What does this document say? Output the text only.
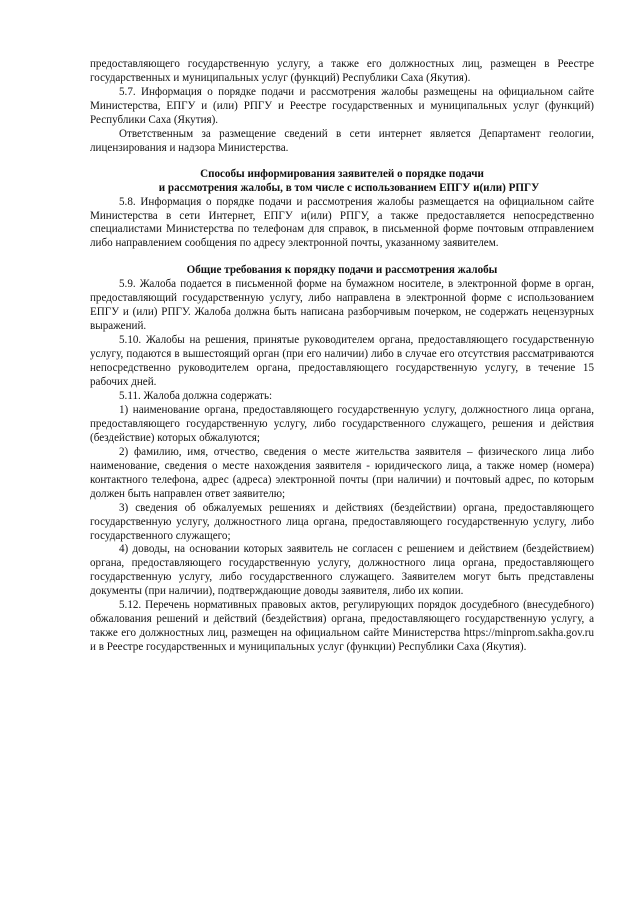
предоставляющего государственную услугу, а также его должностных лиц, размещен в Реестре государственных и муниципальных услуг (функций) Республики Саха (Якутия).

5.7. Информация о порядке подачи и рассмотрения жалобы размещены на официальном сайте Министерства, ЕПГУ и (или) РПГУ и Реестре государственных и муниципальных услуг (функций) Республики Саха (Якутия).

Ответственным за размещение сведений в сети интернет является Департамент геологии, лицензирования и надзора Министерства.

Способы информирования заявителей о порядке подачи
и рассмотрения жалобы, в том числе с использованием ЕПГУ и(или) РПГУ

5.8. Информация о порядке подачи и рассмотрения жалобы размещается на официальном сайте Министерства в сети Интернет, ЕПГУ и(или) РПГУ, а также предоставляется непосредственно специалистами Министерства по телефонам для справок, в письменной форме почтовым отправлением либо направлением сообщения по адресу электронной почты, указанному заявителем.

Общие требования к порядку подачи и рассмотрения жалобы

5.9. Жалоба подается в письменной форме на бумажном носителе, в электронной форме в орган, предоставляющий государственную услугу, либо направлена в электронной форме с использованием ЕПГУ и (или) РПГУ. Жалоба должна быть написана разборчивым почерком, не содержать нецензурных выражений.

5.10. Жалобы на решения, принятые руководителем органа, предоставляющего государственную услугу, подаются в вышестоящий орган (при его наличии) либо в случае его отсутствия рассматриваются непосредственно руководителем органа, предоставляющего государственную услугу, в течение 15 рабочих дней.

5.11. Жалоба должна содержать:

1) наименование органа, предоставляющего государственную услугу, должностного лица органа, предоставляющего государственную услугу, либо государственного служащего, решения и действия (бездействие) которых обжалуются;

2) фамилию, имя, отчество, сведения о месте жительства заявителя – физического лица либо наименование, сведения о месте нахождения заявителя - юридического лица, а также номер (номера) контактного телефона, адрес (адреса) электронной почты (при наличии) и почтовый адрес, по которым должен быть направлен ответ заявителю;

3) сведения об обжалуемых решениях и действиях (бездействии) органа, предоставляющего государственную услугу, должностного лица органа, предоставляющего государственную услугу, либо государственного служащего;

4) доводы, на основании которых заявитель не согласен с решением и действием (бездействием) органа, предоставляющего государственную услугу, должностного лица органа, предоставляющего государственную услугу, либо государственного служащего. Заявителем могут быть представлены документы (при наличии), подтверждающие доводы заявителя, либо их копии.

5.12. Перечень нормативных правовых актов, регулирующих порядок досудебного (внесудебного) обжалования решений и действий (бездействия) органа, предоставляющего государственную услугу, а также его должностных лиц, размещен на официальном сайте Министерства https://minprom.sakha.gov.ru и в Реестре государственных и муниципальных услуг (функции) Республики Саха (Якутия).
